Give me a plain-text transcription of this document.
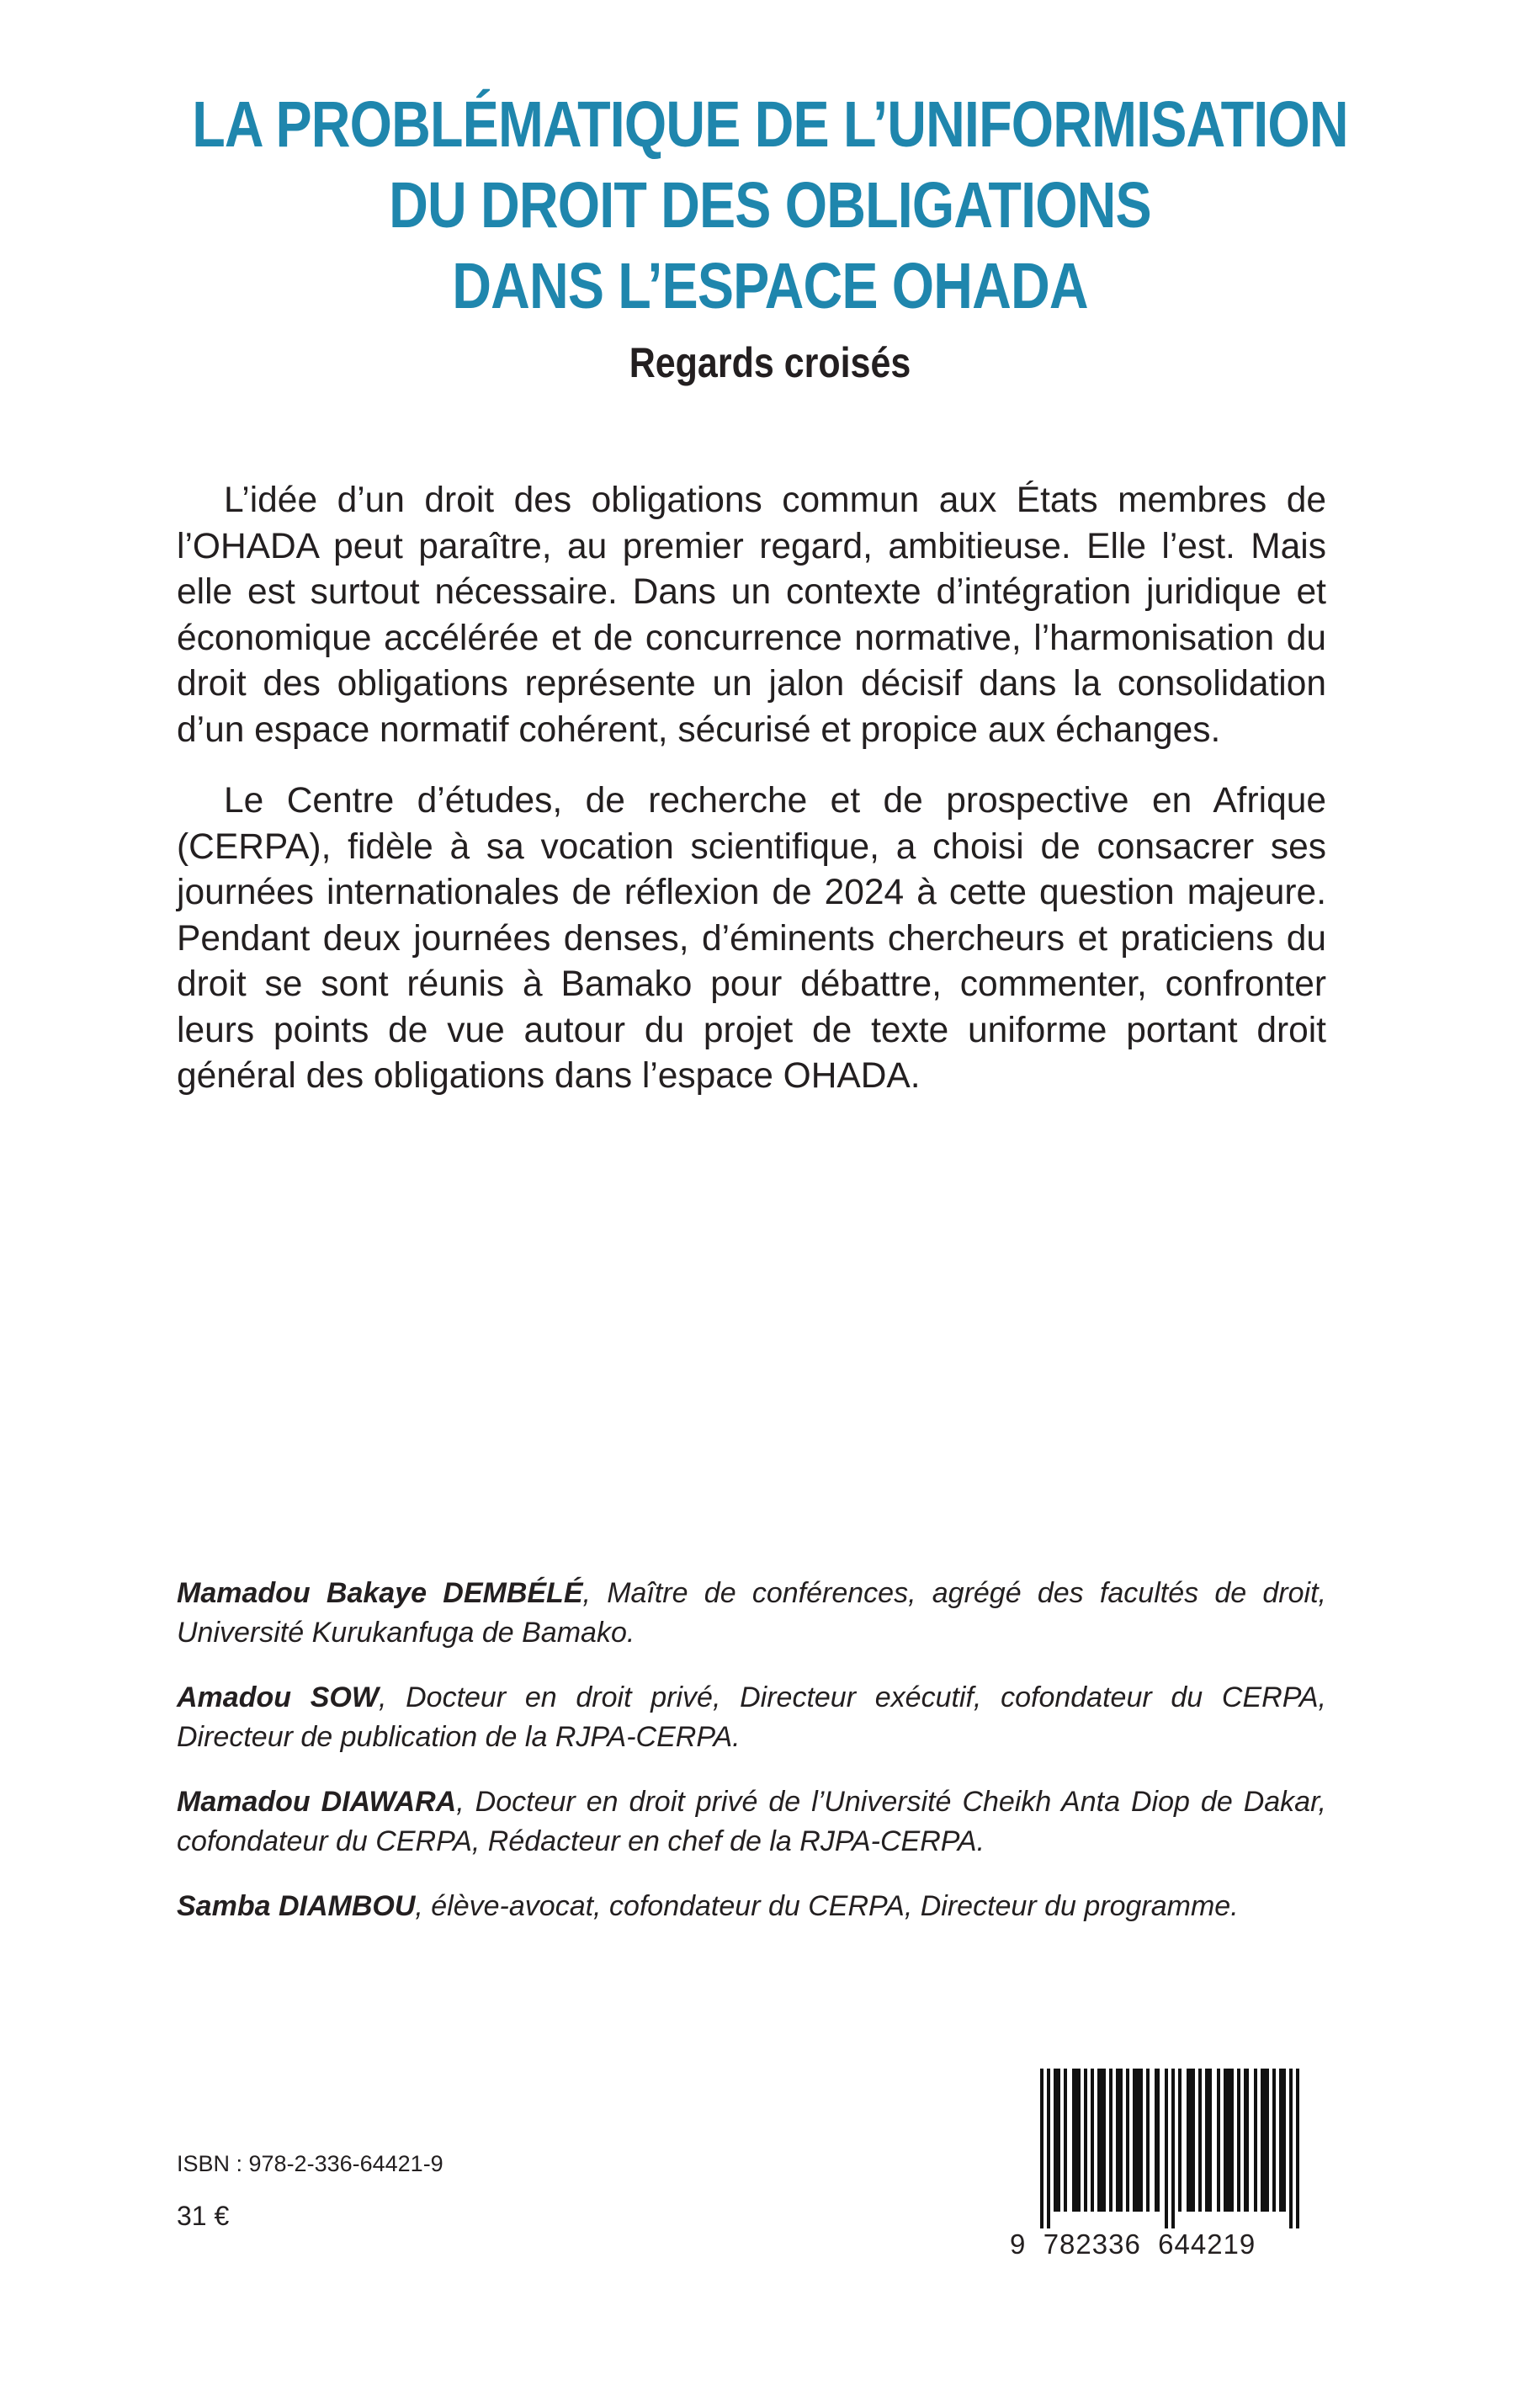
LA PROBLÉMATIQUE DE L’UNIFORMISATION
DU DROIT DES OBLIGATIONS
DANS L’ESPACE OHADA
Regards croisés

L’idée d’un droit des obligations commun aux États membres de l’OHADA peut paraître, au premier regard, ambitieuse. Elle l’est. Mais elle est surtout nécessaire. Dans un contexte d’intégration juridique et économique accélérée et de concurrence normative, l’harmonisation du droit des obligations représente un jalon décisif dans la consolidation d’un espace normatif cohérent, sécurisé et propice aux échanges.

Le Centre d’études, de recherche et de prospective en Afrique (CERPA), fidèle à sa vocation scientifique, a choisi de consacrer ses journées internationales de réflexion de 2024 à cette question majeure. Pendant deux journées denses, d’éminents chercheurs et praticiens du droit se sont réunis à Bamako pour débattre, commenter, confronter leurs points de vue autour du projet de texte uniforme portant droit général des obligations dans l’espace OHADA.

Mamadou Bakaye DEMBÉLÉ, Maître de conférences, agrégé des facultés de droit, Université Kurukanfuga de Bamako.

Amadou SOW, Docteur en droit privé, Directeur exécutif, cofondateur du CERPA, Directeur de publication de la RJPA-CERPA.

Mamadou DIAWARA, Docteur en droit privé de l’Université Cheikh Anta Diop de Dakar, cofondateur du CERPA, Rédacteur en chef de la RJPA-CERPA.

Samba DIAMBOU, élève-avocat, cofondateur du CERPA, Directeur du programme.

ISBN : 978-2-336-64421-9
31 €
9  782336  644219
